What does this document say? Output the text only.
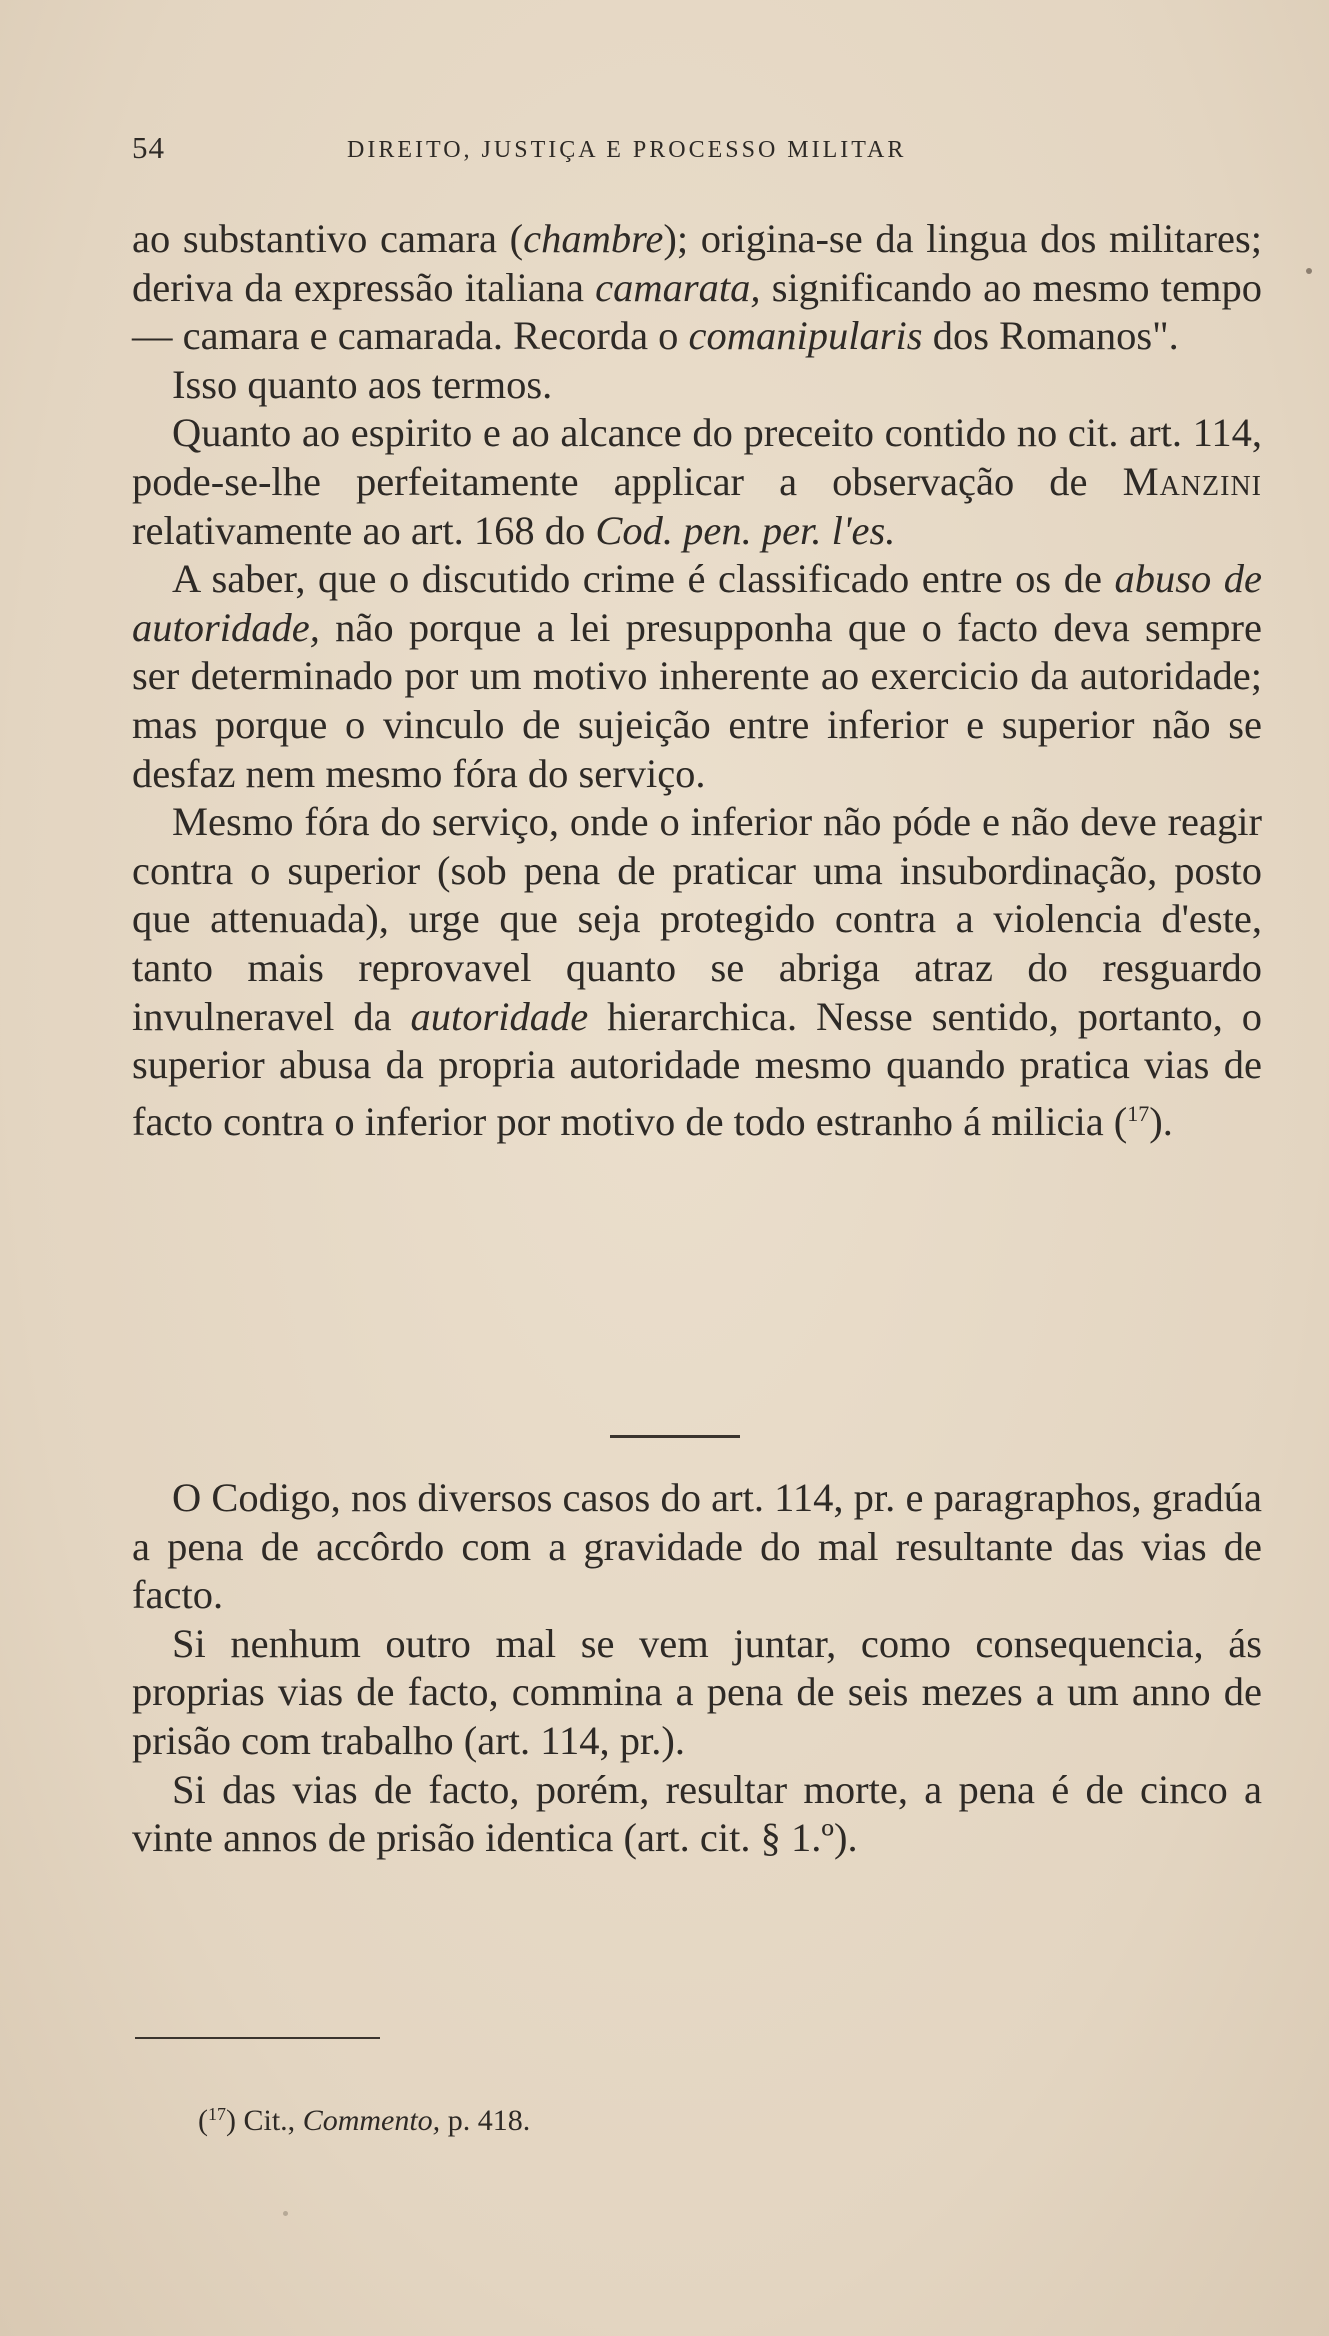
54	DIREITO, JUSTIÇA E PROCESSO MILITAR

ao substantivo camara (chambre); origina-se da lingua dos militares; deriva da expressão italiana camarata, significando ao mesmo tempo — camara e camarada. Recorda o comanipularis dos Romanos".

Isso quanto aos termos.

Quanto ao espirito e ao alcance do preceito contido no cit. art. 114, pode-se-lhe perfeitamente applicar a observação de Manzini relativamente ao art. 168 do Cod. pen. per. l'es.

A saber, que o discutido crime é classificado entre os de abuso de autoridade, não porque a lei presupponha que o facto deva sempre ser determinado por um motivo inherente ao exercicio da autoridade; mas porque o vinculo de sujeição entre inferior e superior não se desfaz nem mesmo fóra do serviço.

Mesmo fóra do serviço, onde o inferior não póde e não deve reagir contra o superior (sob pena de praticar uma insubordinação, posto que attenuada), urge que seja protegido contra a violencia d'este, tanto mais reprovavel quanto se abriga atraz do resguardo invulneravel da autoridade hierarchica. Nesse sentido, portanto, o superior abusa da propria autoridade mesmo quando pratica vias de facto contra o inferior por motivo de todo estranho á milicia ($^{17}$).

O Codigo, nos diversos casos do art. 114, pr. e paragraphos, gradúa a pena de accôrdo com a gravidade do mal resultante das vias de facto.

Si nenhum outro mal se vem juntar, como consequencia, ás proprias vias de facto, commina a pena de seis mezes a um anno de prisão com trabalho (art. 114, pr.).

Si das vias de facto, porém, resultar morte, a pena é de cinco a vinte annos de prisão identica (art. cit. § 1.º).

($^{17}$) Cit., Commento, p. 418.
